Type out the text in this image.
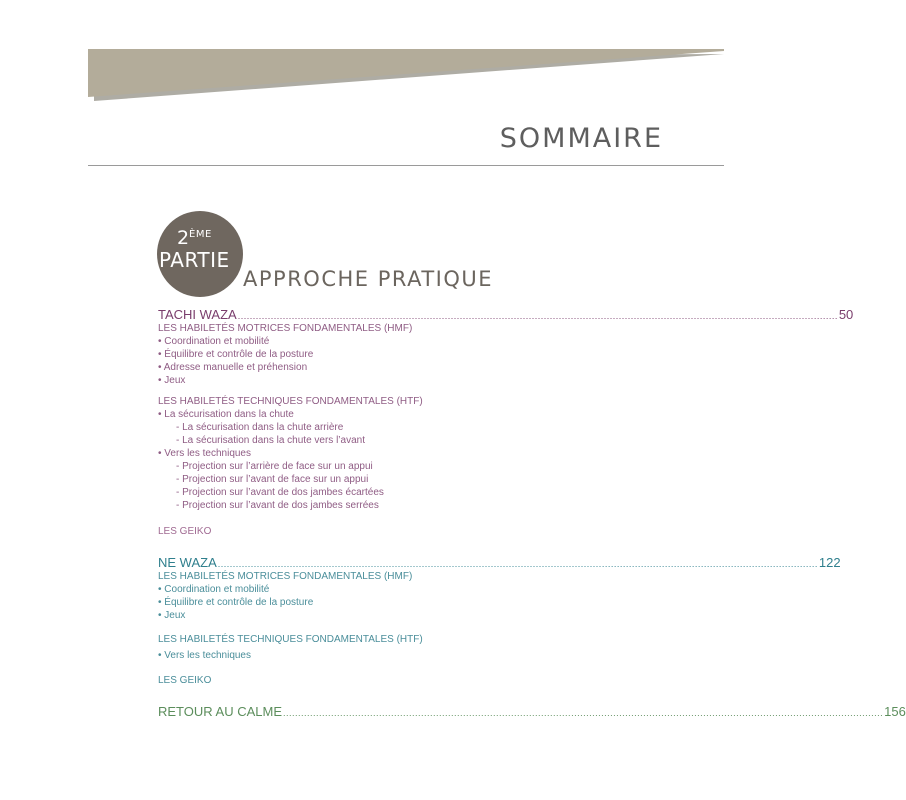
SOMMAIRE
2 ÈME
PARTIE
APPROCHE PRATIQUE
TACHI WAZA ........................................................................................................................................................................................................ 50
LES HABILETÉS MOTRICES FONDAMENTALES (HMF)
• Coordination et mobilité
• Équilibre et contrôle de la posture
• Adresse manuelle et préhension
• Jeux
LES HABILETÉS TECHNIQUES FONDAMENTALES (HTF)
• La sécurisation dans la chute
- La sécurisation dans la chute arrière
- La sécurisation dans la chute vers l’avant
• Vers les techniques
- Projection sur l’arrière de face sur un appui
- Projection sur l’avant de face sur un appui
- Projection sur l’avant de dos jambes écartées
- Projection sur l’avant de dos jambes serrées
LES GEIKO
NE WAZA ........................................................................................................................................................................................................ 122
LES HABILETÉS MOTRICES FONDAMENTALES (HMF)
• Coordination et mobilité
• Équilibre et contrôle de la posture
• Jeux
LES HABILETÉS TECHNIQUES FONDAMENTALES (HTF)
• Vers les techniques
LES GEIKO
RETOUR AU CALME ........................................................................................................................................................................................................ 156
